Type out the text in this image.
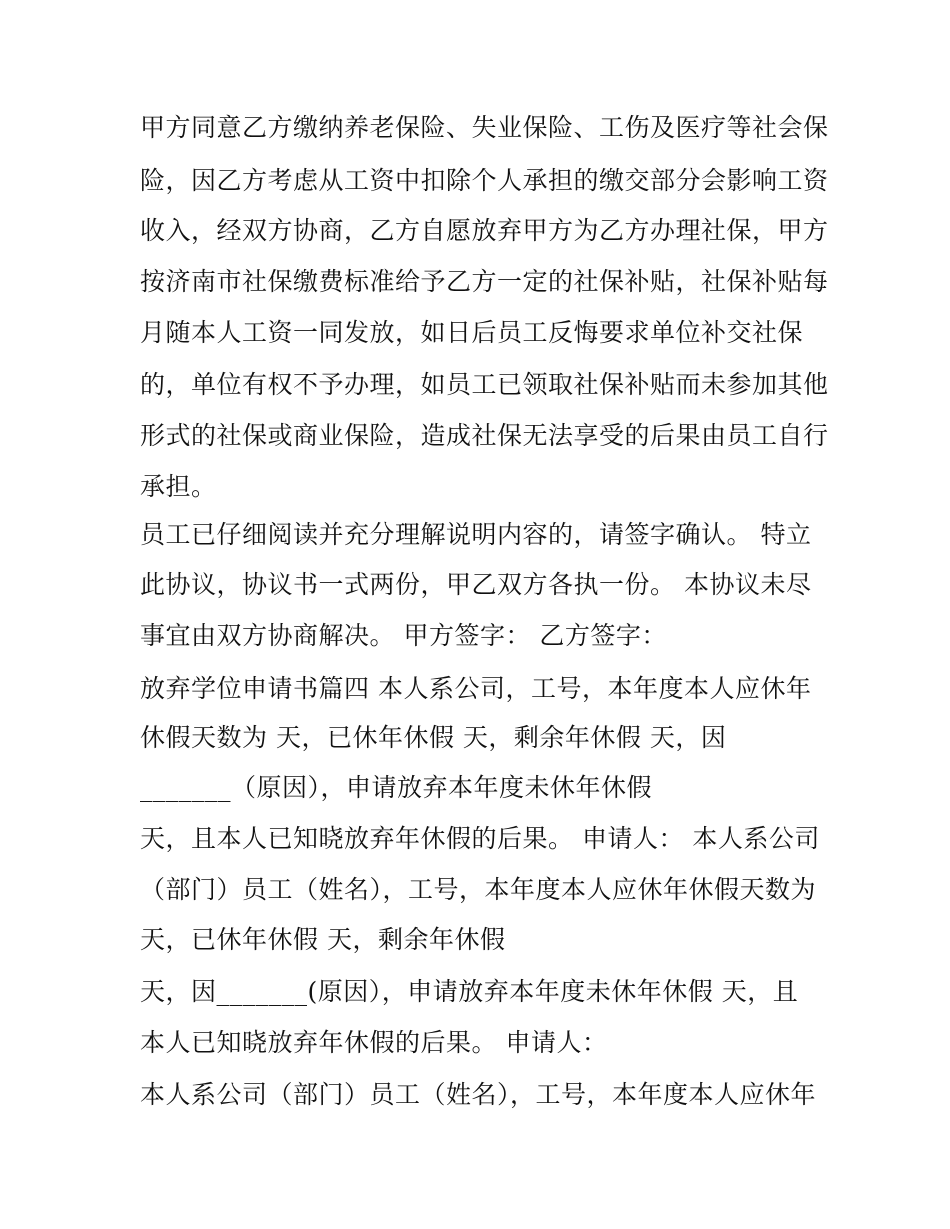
甲方同意乙方缴纳养老保险、失业保险、工伤及医疗等社会保
险，因乙方考虑从工资中扣除个人承担的缴交部分会影响工资
收入，经双方协商，乙方自愿放弃甲方为乙方办理社保，甲方
按济南市社保缴费标准给予乙方一定的社保补贴，社保补贴每
月随本人工资一同发放，如日后员工反悔要求单位补交社保
的，单位有权不予办理，如员工已领取社保补贴而未参加其他
形式的社保或商业保险，造成社保无法享受的后果由员工自行
承担。
员工已仔细阅读并充分理解说明内容的，请签字确认。 特立
此协议，协议书一式两份，甲乙双方各执一份。 本协议未尽
事宜由双方协商解决。 甲方签字： 乙方签字：
放弃学位申请书篇四 本人系公司，工号，本年度本人应休年
休假天数为 天，已休年休假 天，剩余年休假 天，因
_______（原因），申请放弃本年度未休年休假
天，且本人已知晓放弃年休假的后果。 申请人： 本人系公司
（部门）员工（姓名），工号，本年度本人应休年休假天数为
天，已休年休假 天，剩余年休假
天，因_______(原因），申请放弃本年度未休年休假 天，且
本人已知晓放弃年休假的后果。 申请人：
本人系公司（部门）员工（姓名），工号，本年度本人应休年
